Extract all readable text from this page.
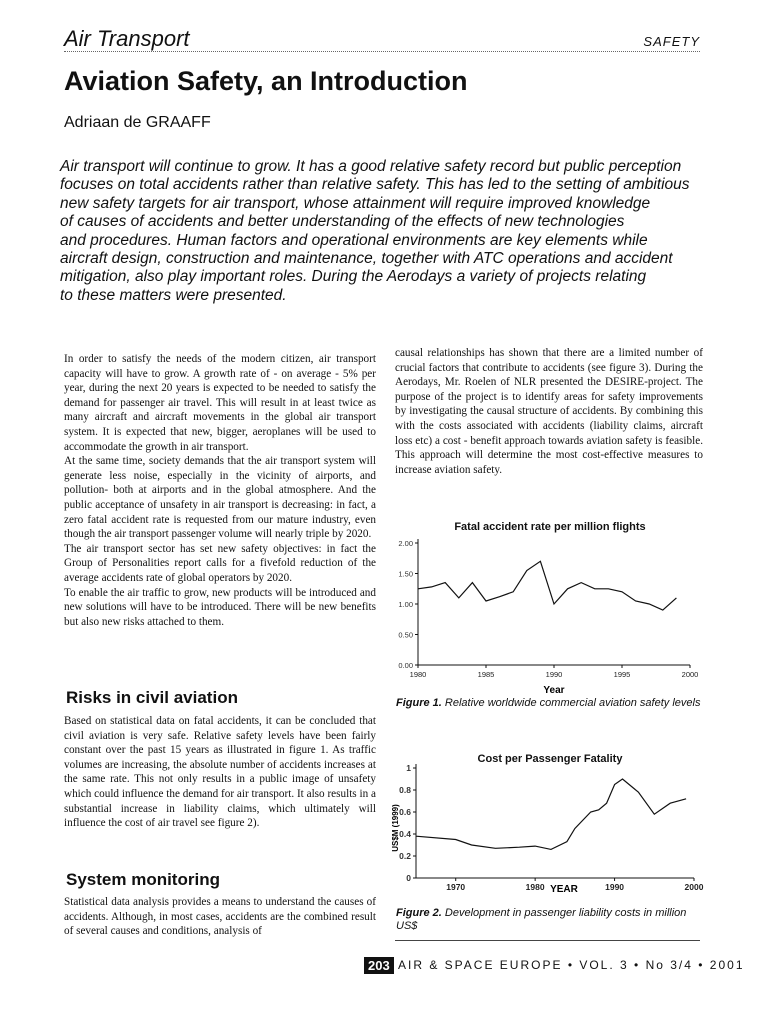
Air Transport	SAFETY
Aviation Safety, an Introduction
Adriaan de GRAAFF
Air transport will continue to grow. It has a good relative safety record but public perception
focuses on total accidents rather than relative safety. This has led to the setting of ambitious
new safety targets for air transport, whose attainment will require improved knowledge
of causes of accidents and better understanding of the effects of new technologies
and procedures. Human factors and operational environments are key elements while
aircraft design, construction and maintenance, together with ATC operations and accident
mitigation, also play important roles. During the Aerodays a variety of projects relating
to these matters were presented.

In order to satisfy the needs of the modern citizen, air transport capacity will have to grow. A growth rate of - on average - 5% per year, during the next 20 years is expected to be needed to satisfy the demand for passenger air travel. This will result in at least twice as many aircraft and aircraft movements in the global air transport system. It is expected that new, bigger, aeroplanes will be used to accommodate the growth in air transport.

At the same time, society demands that the air transport system will generate less noise, especially in the vicinity of airports, and pollution- both at airports and in the global atmosphere. And the public acceptance of unsafety in air transport is decreasing: in fact, a zero fatal accident rate is requested from our mature industry, even though the air transport passenger volume will nearly triple by 2020.

The air transport sector has set new safety objectives: in fact the Group of Personalities report calls for a fivefold reduction of the average accidents rate of global operators by 2020.

To enable the air traffic to grow, new products will be introduced and new solutions will have to be introduced. There will be new benefits but also new risks attached to them.

Risks in civil aviation

Based on statistical data on fatal accidents, it can be concluded that civil aviation is very safe. Relative safety levels have been fairly constant over the past 15 years as illustrated in figure 1. As traffic volumes are increasing, the absolute number of accidents increases at the same rate. This not only results in a public image of unsafety which could influence the demand for air transport. It also results in a substantial increase in liability claims, which ultimately will influence the cost of air travel see figure 2).

System monitoring

Statistical data analysis provides a means to understand the causes of accidents. Although, in most cases, accidents are the combined result of several causes and conditions, analysis of

causal relationships has shown that there are a limited number of crucial factors that contribute to accidents (see figure 3). During the Aerodays, Mr. Roelen of NLR presented the DESIRE-project. The purpose of the project is to identify areas for safety improvements by investigating the causal structure of accidents. By combining this with the costs associated with accidents (liability claims, aircraft loss etc) a cost - benefit approach towards aviation safety is feasible. This approach will determine the most cost-effective measures to increase aviation safety.

Fatal accident rate per million flights
0.00
0.50
1.00
1.50
2.00
1980	1985	1990	1995	2000
Year
Figure 1. Relative worldwide commercial aviation safety levels
Cost per Passenger Fatality
0
0.2
0.4
0.6
0.8
1
1970	1980	1990	2000
YEAR
US$M (1999)
Figure 2. Development in passenger liability costs in million US$
203 AIR & SPACE EUROPE • VOL. 3 • No 3/4 • 2001
